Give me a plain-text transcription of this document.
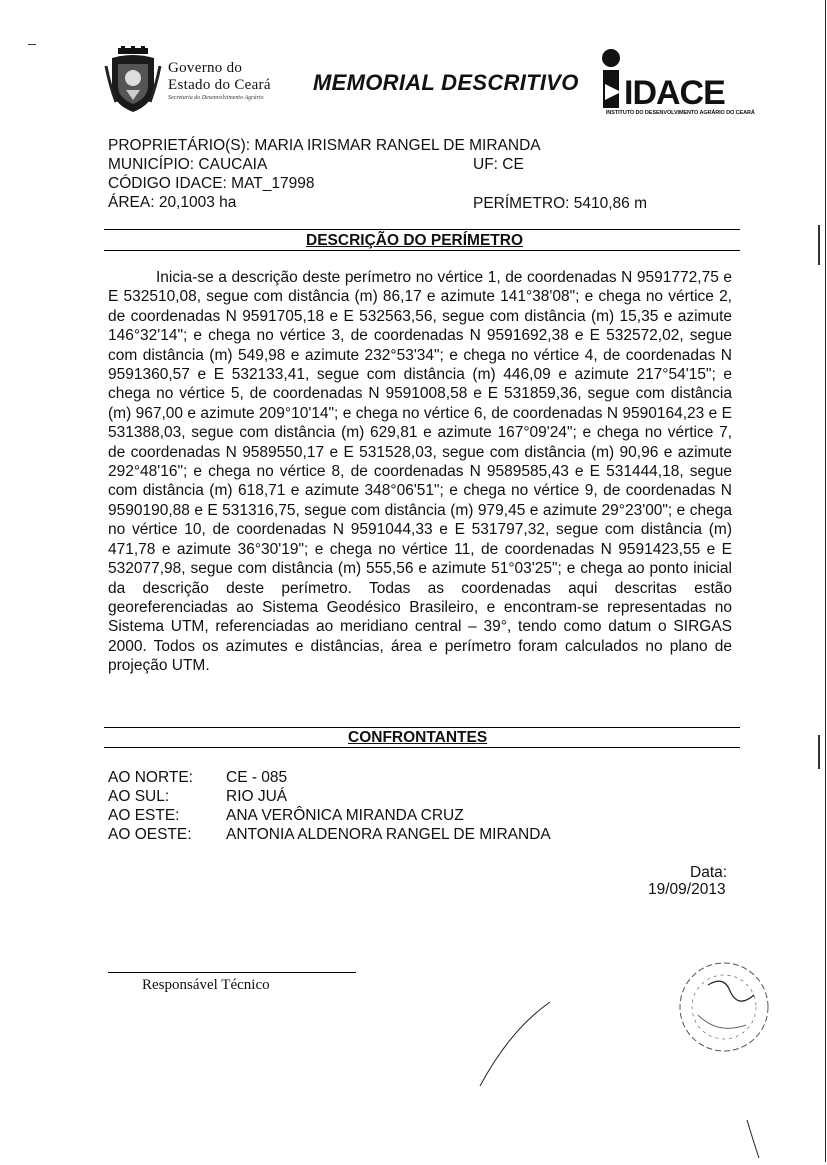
Governo do
Estado do Ceará
Secretaria do Desenvolvimento Agrário
MEMORIAL DESCRITIVO IDACE
INSTITUTO DO DESENVOLVIMENTO AGRÁRIO DO CEARÁ
PROPRIETÁRIO(S): MARIA IRISMAR RANGEL DE MIRANDA
MUNICÍPIO: CAUCAIA	UF: CE
CÓDIGO IDACE: MAT_17998
ÁREA: 20,1003 ha	PERÍMETRO: 5410,86 m
DESCRIÇÃO DO PERÍMETRO
Inicia-se a descrição deste perímetro no vértice 1, de coordenadas N 9591772,75 e E 532510,08, segue com distância (m) 86,17 e azimute 141°38'08"; e chega no vértice 2, de coordenadas N 9591705,18 e E 532563,56, segue com distância (m) 15,35 e azimute 146°32'14"; e chega no vértice 3, de coordenadas N 9591692,38 e E 532572,02, segue com distância (m) 549,98 e azimute 232°53'34"; e chega no vértice 4, de coordenadas N 9591360,57 e E 532133,41, segue com distância (m) 446,09 e azimute 217°54'15"; e chega no vértice 5, de coordenadas N 9591008,58 e E 531859,36, segue com distância (m) 967,00 e azimute 209°10'14"; e chega no vértice 6, de coordenadas N 9590164,23 e E 531388,03, segue com distância (m) 629,81 e azimute 167°09'24"; e chega no vértice 7, de coordenadas N 9589550,17 e E 531528,03, segue com distância (m) 90,96 e azimute 292°48'16"; e chega no vértice 8, de coordenadas N 9589585,43 e E 531444,18, segue com distância (m) 618,71 e azimute 348°06'51"; e chega no vértice 9, de coordenadas N 9590190,88 e E 531316,75, segue com distância (m) 979,45 e azimute 29°23'00"; e chega no vértice 10, de coordenadas N 9591044,33 e E 531797,32, segue com distância (m) 471,78 e azimute 36°30'19"; e chega no vértice 11, de coordenadas N 9591423,55 e E 532077,98, segue com distância (m) 555,56 e azimute 51°03'25"; e chega ao ponto inicial da descrição deste perímetro. Todas as coordenadas aqui descritas estão georeferenciadas ao Sistema Geodésico Brasileiro, e encontram-se representadas no Sistema UTM, referenciadas ao meridiano central – 39°, tendo como datum o SIRGAS 2000. Todos os azimutes e distâncias, área e perímetro foram calculados no plano de projeção UTM.
CONFRONTANTES
AO NORTE: CE - 085
AO SUL:	RIO JUÁ
AO ESTE:	ANA VERÔNICA MIRANDA CRUZ
AO OESTE: ANTONIA ALDENORA RANGEL DE MIRANDA
Data:
19/09/2013
Responsável Técnico
